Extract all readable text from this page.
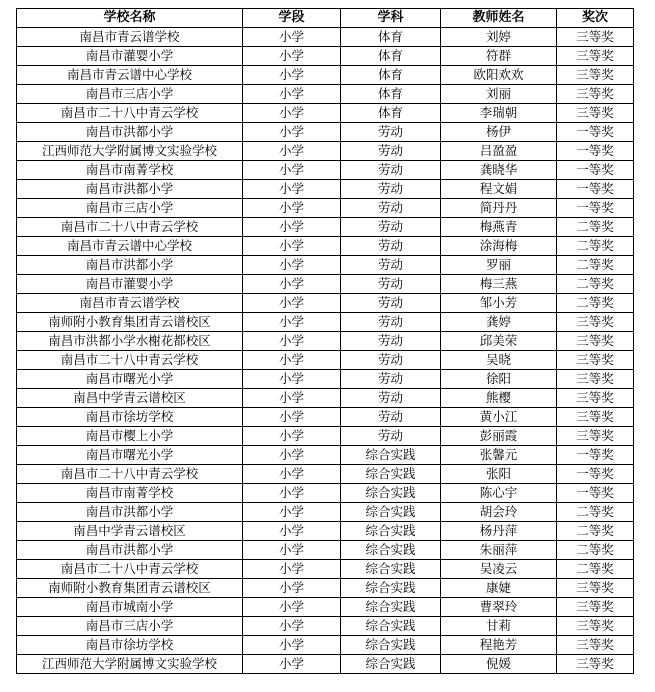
学校名称	学段	学科	教师姓名	奖次
南昌市青云谱学校	小学	体育	刘婷	三等奖
南昌市灌婴小学	小学	体育	符群	三等奖
南昌市青云谱中心学校	小学	体育	欧阳欢欢	三等奖
南昌市三店小学	小学	体育	刘丽	三等奖
南昌市二十八中青云学校	小学	体育	李瑞朝	三等奖
南昌市洪都小学	小学	劳动	杨伊	一等奖
江西师范大学附属博文实验学校	小学	劳动	吕盈盈	一等奖
南昌市南菁学校	小学	劳动	龚晓华	一等奖
南昌市洪都小学	小学	劳动	程文娟	一等奖
南昌市三店小学	小学	劳动	简丹丹	一等奖
南昌市二十八中青云学校	小学	劳动	梅燕青	二等奖
南昌市青云谱中心学校	小学	劳动	涂海梅	二等奖
南昌市洪都小学	小学	劳动	罗丽	二等奖
南昌市灌婴小学	小学	劳动	梅三燕	二等奖
南昌市青云谱学校	小学	劳动	邹小芳	二等奖
南师附小教育集团青云谱校区	小学	劳动	龚婷	三等奖
南昌市洪都小学水榭花都校区	小学	劳动	邱美荣	三等奖
南昌市二十八中青云学校	小学	劳动	吴晓	三等奖
南昌市曙光小学	小学	劳动	徐阳	三等奖
南昌中学青云谱校区	小学	劳动	熊樱	三等奖
南昌市徐坊学校	小学	劳动	黄小江	三等奖
南昌市樱上小学	小学	劳动	彭丽霞	三等奖
南昌市曙光小学	小学	综合实践	张馨元	一等奖
南昌市二十八中青云学校	小学	综合实践	张阳	一等奖
南昌市南菁学校	小学	综合实践	陈心宇	一等奖
南昌市洪都小学	小学	综合实践	胡会玲	二等奖
南昌中学青云谱校区	小学	综合实践	杨丹萍	二等奖
南昌市洪都小学	小学	综合实践	朱丽萍	二等奖
南昌市二十八中青云学校	小学	综合实践	吴凌云	二等奖
南师附小教育集团青云谱校区	小学	综合实践	康婕	三等奖
南昌市城南小学	小学	综合实践	曹翠玲	三等奖
南昌市三店小学	小学	综合实践	甘莉	三等奖
南昌市徐坊学校	小学	综合实践	程艳芳	三等奖
江西师范大学附属博文实验学校	小学	综合实践	倪媛	三等奖
